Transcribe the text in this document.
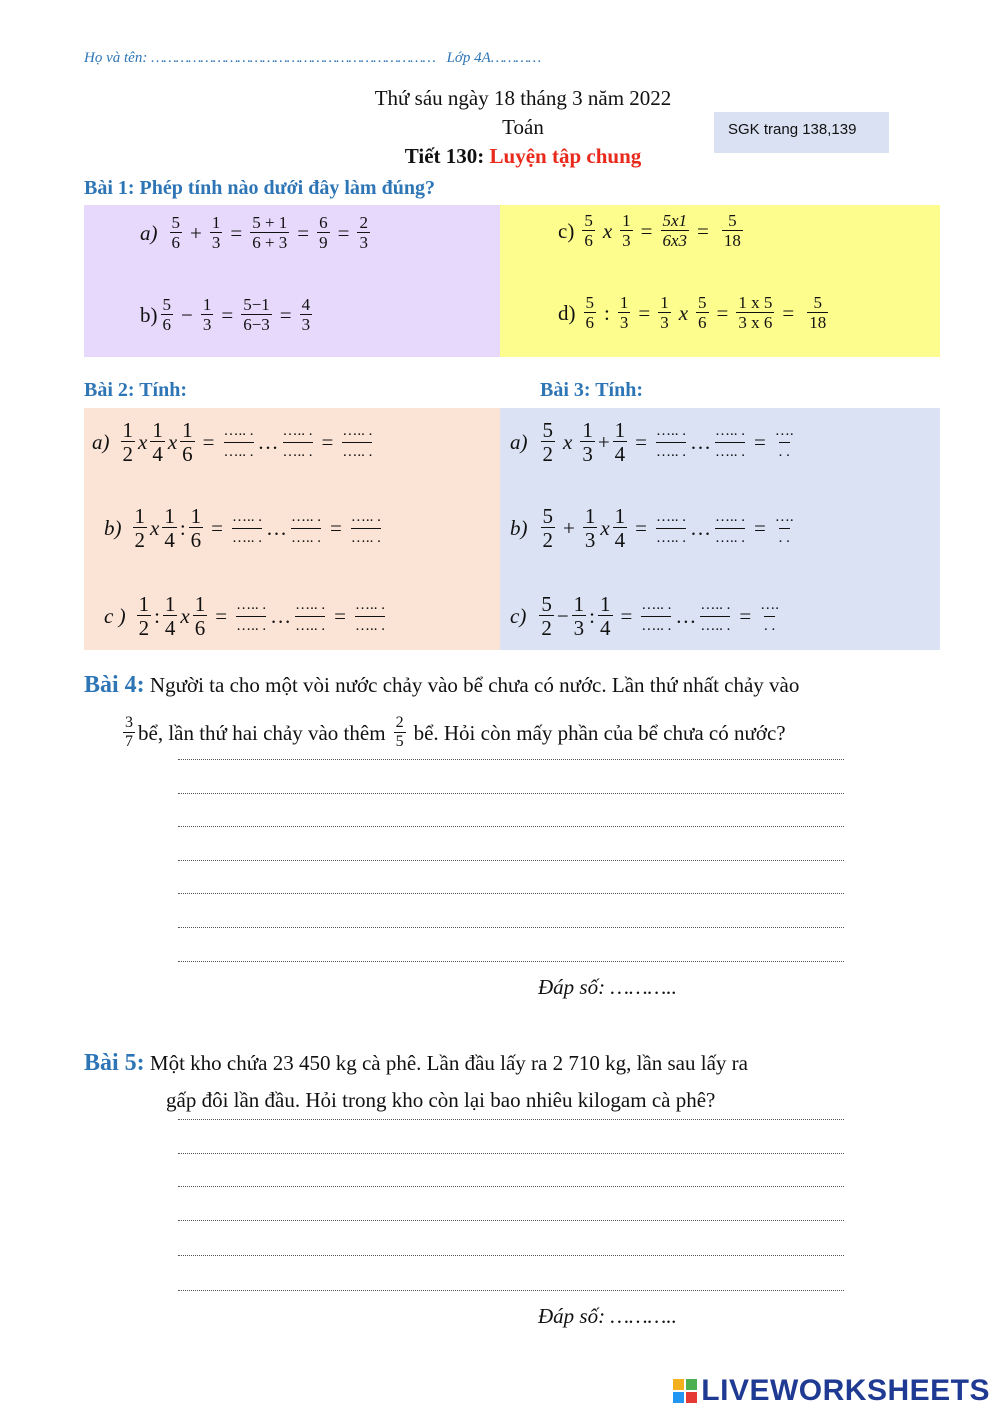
Họ và tên: …………………………………………………………… Lớp 4A…………
Thứ sáu ngày 18 tháng 3 năm 2022
Toán
Tiết 130: Luyện tập chung
SGK trang 138,139
Bài 1: Phép tính nào dưới đây làm đúng?
a) 5
$6 + \frac{1}{3} = \frac{5 + 1}{6 + 3} = \frac{6}{9} = \frac{2}{3}$
b) 5
$6 - \frac{1}{3} = \frac{5-1}{6-3} = \frac{4}{3}$
c) 5
6 x $\frac{1}{3} = \frac{5x1}{6x3} = \frac{5}{18}$
d) 5
6 : $\frac{1}{3} = \frac{1}{3}$ x $\frac{5}{6} = \frac{1 x 5}{3 x 6} = \frac{5}{18}$
Bài 2: Tính:	Bài 3: Tính:
a) 1
2
x 1
4
x $\frac{1}{6}$ = ….. .
….. . … ….. .
….. . = ….. .
….. .
b) 1
2
x 1
4
: $\frac{1}{6}$ = ….. .
….. . … ….. .
….. . = ….. .
….. .
c ) 1
2
: 1
4
x $\frac{1}{6}$ = ….. .
….. . … ….. .
….. . = ….. .
….. .
a) 5
2
x 1
3
+ $\frac{1}{4}$ = ….. .
….. . … ….. .
….. . = ….
. .
b) 5
2
+ $\frac{1}{3}$ x $\frac{1}{4}$ = ….. .
….. . … ….. .
….. . = ….
. .
c) 5
2
− $\frac{1}{3}$ : $\frac{1}{4}$ = ….. .
….. . … ….. .
….. . = ….
. .
Bài 4: Người ta cho một vòi nước chảy vào bể chưa có nước. Lần thứ nhất chảy vào
3
7 bể, lần thứ hai chảy vào thêm 2
5 bể. Hỏi còn mấy phần của bể chưa có nước?
Đáp số: ………..
Bài 5: Một kho chứa 23 450 kg cà phê. Lần đầu lấy ra 2 710 kg, lần sau lấy ra
gấp đôi lần đầu. Hỏi trong kho còn lại bao nhiêu kilogam cà phê?
Đáp số: ………..
LIVEWORKSHEETS
